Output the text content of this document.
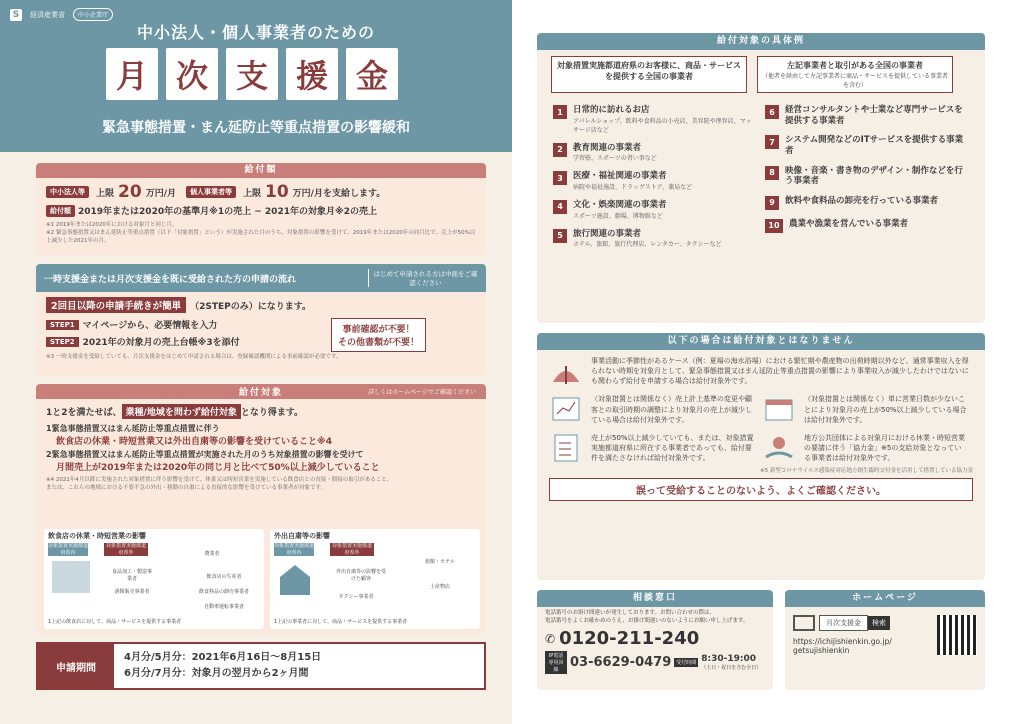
S	経済産業省	中小企業庁
中小法人・個人事業者のための
月 次 支 援 金
緊急事態措置・まん延防止等重点措置の影響緩和
給付額
中小法人等	上限 20 万円/月	個人事業者等	上限 10 万円/月を支給します。
給付額 2019年または2020年の基準月※1の売上 − 2021年の対象月※2の売上
※1 2019年または2020年における対象月と同じ月。
※2 緊急事態措置又はまん延防止等重点措置（以下「対象措置」という）が実施された月のうち、対象措置の影響を受けて、2019年または2020年の同月比で、売上が50%以上減少した2021年の月。
一時支援金または月次支援金を既に受給された方の申請の流れ
はじめて申請される方は中面をご確認ください
2回目以降の申請手続きが簡単	（2STEPのみ）になります。
STEP1 マイページから、必要情報を入力
STEP2 2021年の対象月の売上台帳※3を添付
事前確認が不要！
その他書類が不要！
※3 一時支援金を受給していても、月次支援金をはじめて申請される場合は、登録確認機関による事前確認が必要です。
給付対象	詳しくはホームページでご確認ください
1と2を満たせば、 業種/地域を問わず給付対象 となり得ます。
1緊急事態措置又はまん延防止等重点措置に伴う
飲食店の休業・時短営業又は外出自粛等の影響を受けていること※4
2緊急事態措置又はまん延防止等重点措置が実施された月のうち対象措置の影響を受けて
月間売上が2019年または2020年の同じ月と比べて50%以上減少していること
※4 2021年4月以降に実施された対象措置に伴う影響を受けて、休業又は時短営業を実施している飲食店との直接・間接の取引があること。
または、これらの地域における不要不急の外出・移動の自粛による直接的な影響を受けている事業者が対象です。
飲食店の休業・時短営業の影響
対象措置実施都道府県内
対象措置実施都道府県外
食品加工・製造事業者
酒類販売事業者
農業者
飲食店の生産者
飲食料品の卸売事業者
自動車運転事業者
1上記の飲食店に対して、商品・サービスを提供する事業者
外出自粛等の影響
対象措置実施都道府県内
対象措置実施都道府県外
外出自粛等の影響を受けた顧客
タクシー事業者
旅館・ホテル
土産物店
1上記の事業者に対して、商品・サービスを提供する事業者
申請期間
4月分/5月分：2021年6月16日〜8月15日
6月分/7月分：対象月の翌月から2ヶ月間
給付対象の具体例
対象措置実施都道府県のお客様に、商品・サービスを提供する全国の事業者
左記事業者と取引がある全国の事業者
（他者を経由して左記事業者に商品・サービスを提供している事業者を含む）
1	日常的に訪れるお店
アパレルショップ、飲料や食料品の小売店、美容院や理容店、マッサージ店など
2	教育関連の事業者
学習塾、スポーツの習い事など
3	医療・福祉関連の事業者
病院や福祉施設、ドラッグストア、薬局など
4	文化・娯楽関連の事業者
スポーツ施設、劇場、博物館など
5	旅行関連の事業者
ホテル、旅館、旅行代理店、レンタカー、タクシーなど
6	経営コンサルタントや士業など専門サービスを提供する事業者
7	システム開発などのITサービスを提供する事業者
8	映像・音楽・書き物のデザイン・制作などを行う事業者
9	飲料や食料品の卸売を行っている事業者
10	農業や漁業を営んでいる事業者
以下の場合は給付対象とはなりません
事業活動に季節性があるケース（例：夏場の海水浴場）における繁忙期や農産物の出荷時期以外など、通常事業収入を得られない時期を対象月として、緊急事態措置又はまん延防止等重点措置の影響により事業収入が減少したわけではないにも関わらず給付を申請する場合は給付対象外です。
（対象措置とは関係なく）売上計上基準の変更や顧客との取引時期の調整により対象月の売上が減少している場合は給付対象外です。
（対象措置とは関係なく）単に営業日数が少ないことにより対象月の売上が50%以上減少している場合は給付対象外です。
売上が50%以上減少していても、または、対象措置実施都道府県に所在する事業者であっても、給付要件を満たさなければ給付対象外です。
地方公共団体による対象月における休業・時短営業の要請に伴う「協力金」※5の支給対象となっている事業者は給付対象外です。
※5 新型コロナウイルス感染症対応地方創生臨時交付金を活用して措置している協力金
誤って受給することのないよう、よくご確認ください。
相談窓口
電話番号のお掛け間違いが発生しております。お問い合わせの際は、
電話番号をよくお確かめのうえ、お掛け間違いのないようにお願い申し上げます。
✆ 0120-211-240
IP電話専用回線 03-6629-0479	受付時間 8:30-19:00
（土日・祝日を含む全日）
ホームページ
月次支援金	検索
https://ichijishienkin.go.jp/
getsujishienkin
